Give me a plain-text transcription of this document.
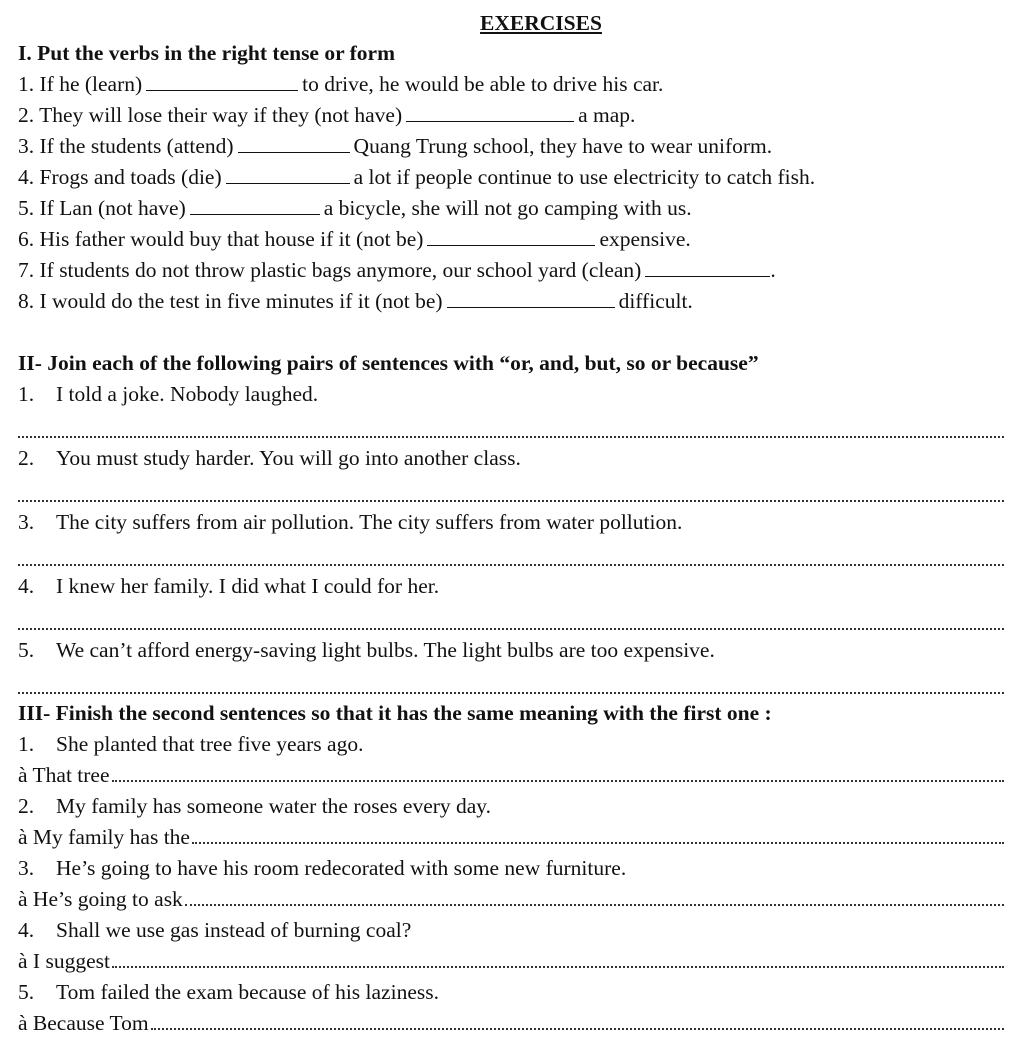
EXERCISES
I. Put the verbs in the right tense or form
1. If he (learn)	to drive, he would be able to drive his car.
2. They will lose their way if they (not have)	a map.
3. If the students (attend)	Quang Trung school, they have to wear uniform.
4. Frogs and toads (die)	a lot if people continue to use electricity to catch fish.
5. If Lan (not have)	a bicycle, she will not go camping with us.
6. His father would buy that house if it (not be)	expensive.
7. If students do not throw plastic bags anymore, our school yard (clean)	.
8. I would do the test in five minutes if it (not be)	difficult.
II- Join each of the following pairs of sentences with “or, and, but, so or because”
1. I told a joke. Nobody laughed.
2. You must study harder. You will go into another class.
3. The city suffers from air pollution. The city suffers from water pollution.
4. I knew her family. I did what I could for her.
5. We can’t afford energy-saving light bulbs. The light bulbs are too expensive.
III- Finish the second sentences so that it has the same meaning with the first one :
1. She planted that tree five years ago.
à That tree
2. My family has someone water the roses every day.
à My family has the
3. He’s going to have his room redecorated with some new furniture.
à He’s going to ask
4. Shall we use gas instead of burning coal?
à I suggest
5. Tom failed the exam because of his laziness.
à Because Tom
